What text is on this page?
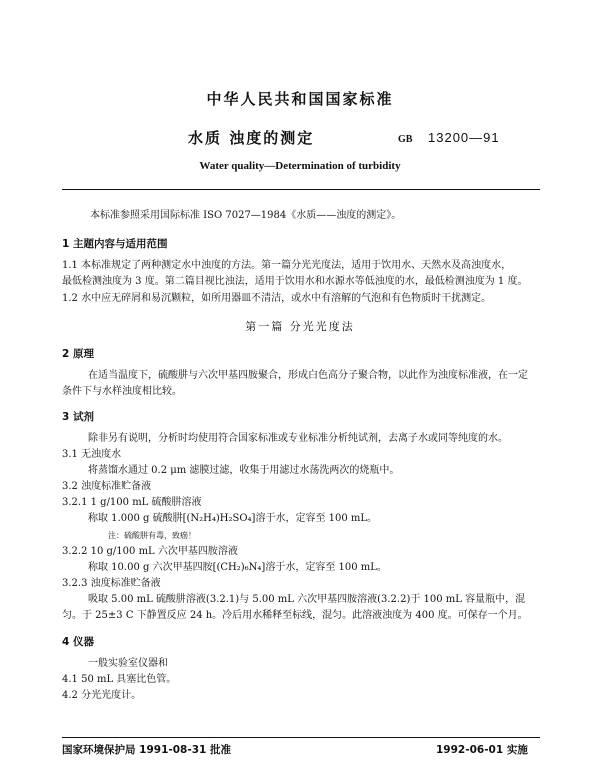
中华人民共和国国家标准
水质 浊度的测定	GB 13200—91
Water quality—Determination of turbidity
本标准参照采用国际标准 ISO 7027—1984《水质——浊度的测定》。
1 主题内容与适用范围
1.1 本标准规定了两种测定水中浊度的方法。第一篇分光光度法，适用于饮用水、天然水及高浊度水，
最低检测浊度为 3 度。第二篇目视比浊法，适用于饮用水和水源水等低浊度的水，最低检测浊度为 1 度。
1.2 水中应无碎屑和易沉颗粒，如所用器皿不清洁，或水中有溶解的气泡和有色物质时干扰测定。
第一篇 分光光度法
2 原理
在适当温度下，硫酸肼与六次甲基四胺聚合，形成白色高分子聚合物，以此作为浊度标准液，在一定
条件下与水样浊度相比较。
3 试剂
除非另有说明，分析时均使用符合国家标准或专业标准分析纯试剂，去离子水或同等纯度的水。
3.1 无浊度水
将蒸馏水通过 0.2 μm 滤膜过滤，收集于用滤过水荡洗两次的烧瓶中。
3.2 浊度标准贮备液
3.2.1 1 g/100 mL 硫酸肼溶液
称取 1.000 g 硫酸肼[(N₂H₄)H₂SO₄]溶于水，定容至 100 mL。
注：硫酸肼有毒，致癌！
3.2.2 10 g/100 mL 六次甲基四胺溶液
称取 10.00 g 六次甲基四胺[(CH₂)₆N₄]溶于水，定容至 100 mL。
3.2.3 浊度标准贮备液
吸取 5.00 mL 硫酸肼溶液(3.2.1)与 5.00 mL 六次甲基四胺溶液(3.2.2)于 100 mL 容量瓶中，混
匀。于 25±3 C 下静置反应 24 h。冷后用水稀释至标线，混匀。此溶液浊度为 400 度。可保存一个月。
4 仪器
一般实验室仪器和
4.1 50 mL 具塞比色管。
4.2 分光光度计。
国家环境保护局 1991-08-31 批准	1992-06-01 实施
